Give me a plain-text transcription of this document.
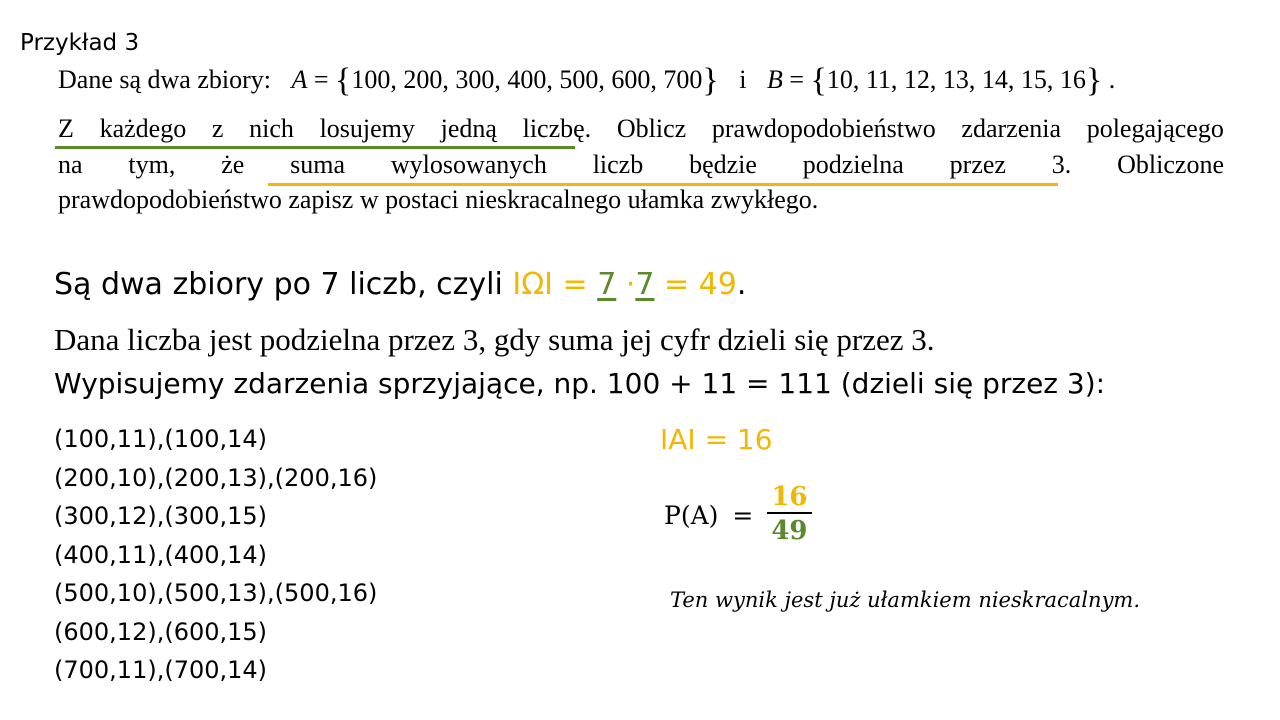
Przykład 3
Dane są dwa zbiory: A = {100, 200, 300, 400, 500, 600, 700} i B = {10, 11, 12, 13, 14, 15, 16} .
Z każdego z nich losujemy jedną liczbę. Oblicz prawdopodobieństwo zdarzenia polegającego
na tym, że suma wylosowanych liczb będzie podzielna przez 3. Obliczone
prawdopodobieństwo zapisz w postaci nieskracalnego ułamka zwykłego.
Są dwa zbiory po 7 liczb, czyli IΩI = 7 ·7 = 49.
Dana liczba jest podzielna przez 3, gdy suma jej cyfr dzieli się przez 3.
Wypisujemy zdarzenia sprzyjające, np. 100 + 11 = 111 (dzieli się przez 3):
(100,11),(100,14)
(200,10),(200,13),(200,16)
(300,12),(300,15)
(400,11),(400,14)
(500,10),(500,13),(500,16)
(600,12),(600,15)
(700,11),(700,14)
IAI = 16
$P(A) = \frac{16}{49}$
Ten wynik jest już ułamkiem nieskracalnym.
